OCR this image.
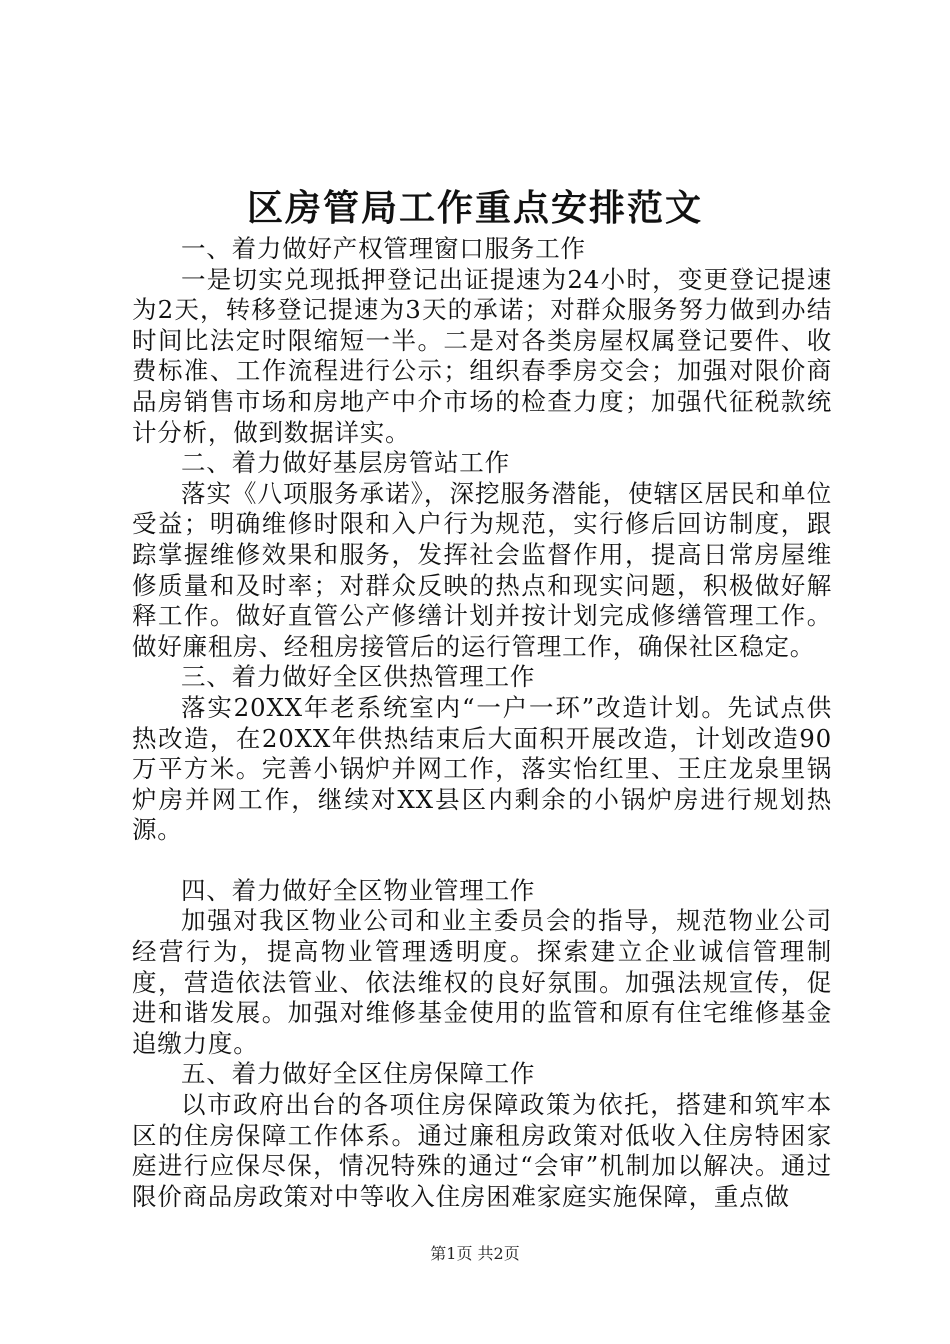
区房管局工作重点安排范文

一、着力做好产权管理窗口服务工作

一是切实兑现抵押登记出证提速为24小时，变更登记提速为2天，转移登记提速为3天的承诺；对群众服务努力做到办结时间比法定时限缩短一半。二是对各类房屋权属登记要件、收费标准、工作流程进行公示；组织春季房交会；加强对限价商品房销售市场和房地产中介市场的检查力度；加强代征税款统计分析，做到数据详实。

二、着力做好基层房管站工作

落实《八项服务承诺》，深挖服务潜能，使辖区居民和单位受益；明确维修时限和入户行为规范，实行修后回访制度，跟踪掌握维修效果和服务，发挥社会监督作用，提高日常房屋维修质量和及时率；对群众反映的热点和现实问题，积极做好解释工作。做好直管公产修缮计划并按计划完成修缮管理工作。做好廉租房、经租房接管后的运行管理工作，确保社区稳定。

三、着力做好全区供热管理工作

落实20XX年老系统室内“一户一环”改造计划。先试点供热改造，在20XX年供热结束后大面积开展改造，计划改造90万平方米。完善小锅炉并网工作，落实怡红里、王庄龙泉里锅炉房并网工作，继续对XX县区内剩余的小锅炉房进行规划热源。

四、着力做好全区物业管理工作

加强对我区物业公司和业主委员会的指导，规范物业公司经营行为，提高物业管理透明度。探索建立企业诚信管理制度，营造依法管业、依法维权的良好氛围。加强法规宣传，促进和谐发展。加强对维修基金使用的监管和原有住宅维修基金追缴力度。

五、着力做好全区住房保障工作

以市政府出台的各项住房保障政策为依托，搭建和筑牢本区的住房保障工作体系。通过廉租房政策对低收入住房特困家庭进行应保尽保，情况特殊的通过“会审”机制加以解决。通过限价商品房政策对中等收入住房困难家庭实施保障，重点做

第1页 共2页
